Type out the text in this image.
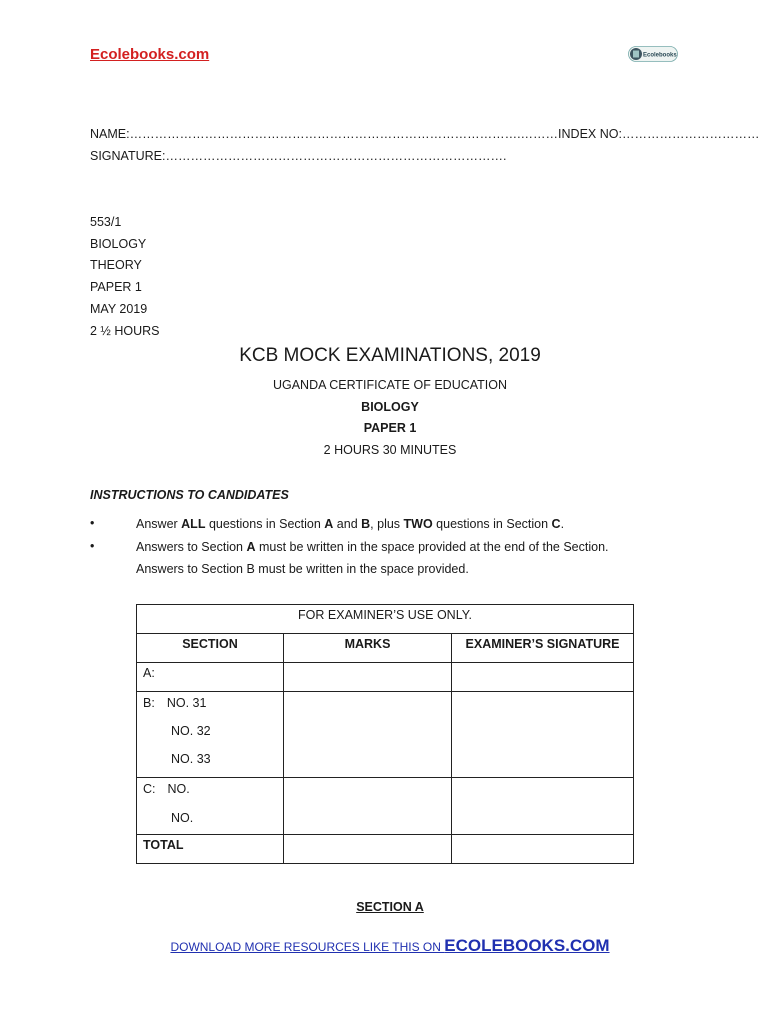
Ecolebooks.com	Ecolebooks
NAME:………………………………………………………………………………….………INDEX NO:……………………………
SIGNATURE:……………………………………………………………………….
553/1
BIOLOGY
THEORY
PAPER 1
MAY 2019
2 ½ HOURS
KCB MOCK EXAMINATIONS, 2019
UGANDA CERTIFICATE OF EDUCATION
BIOLOGY
PAPER 1
2 HOURS 30 MINUTES
INSTRUCTIONS TO CANDIDATES
•	Answer ALL questions in Section A and B, plus TWO questions in Section C.
•	Answers to Section A must be written in the space provided at the end of the Section.
Answers to Section B must be written in the space provided.
FOR EXAMINER’S USE ONLY.		
SECTION	MARKS	EXAMINER’S SIGNATURE
A:		

B: NO. 31
NO. 32
NO. 33		

C: NO.
NO.		

TOTAL		
SECTION A
DOWNLOAD MORE RESOURCES LIKE THIS ON ECOLEBOOKS.COM
